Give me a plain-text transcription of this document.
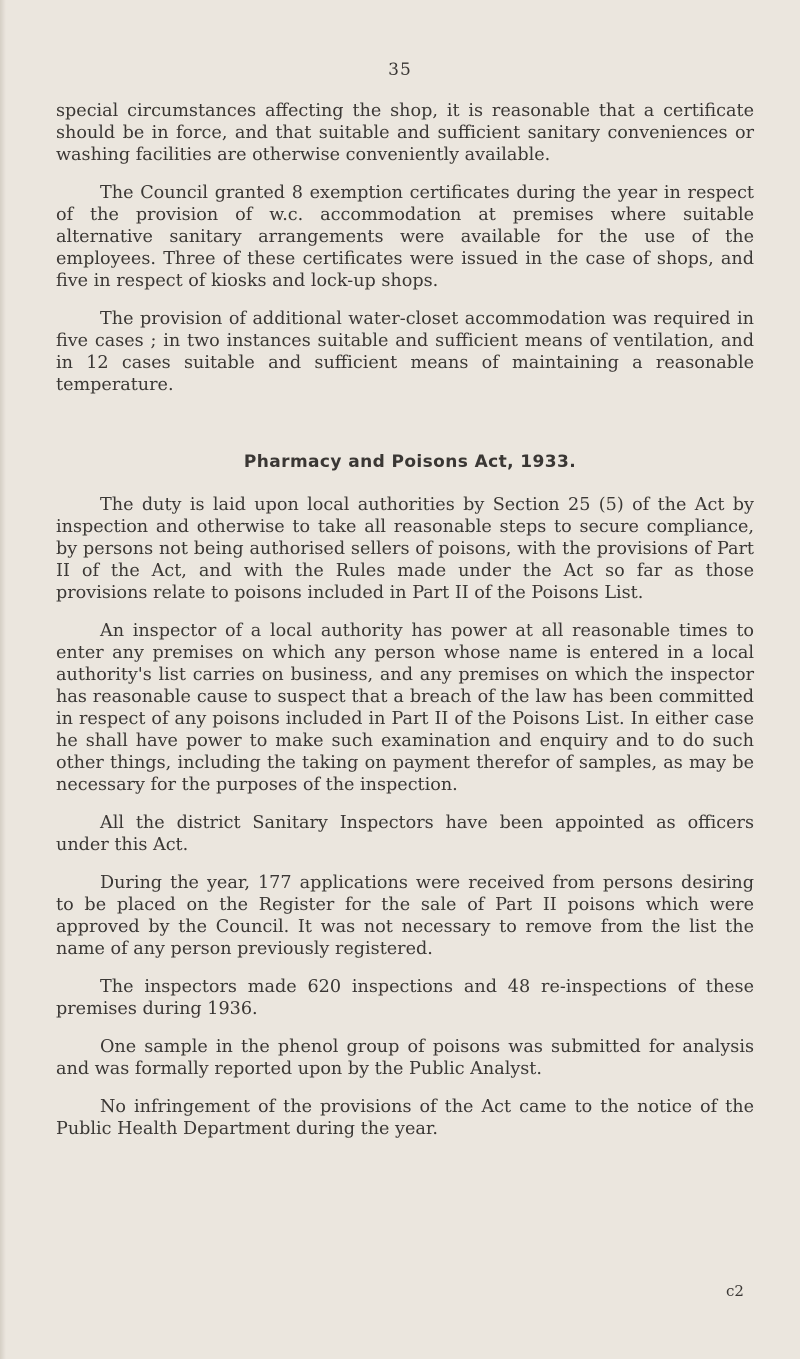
35

special circumstances affecting the shop, it is reasonable that a certificate should be in force, and that suitable and sufficient sanitary conveniences or washing facilities are otherwise conveniently available.

The Council granted 8 exemption certificates during the year in respect of the provision of w.c. accommodation at premises where suitable alternative sanitary arrangements were available for the use of the employees. Three of these certificates were issued in the case of shops, and five in respect of kiosks and lock-up shops.

The provision of additional water-closet accommodation was required in five cases ; in two instances suitable and sufficient means of ventilation, and in 12 cases suitable and sufficient means of maintaining a reasonable temperature.

Pharmacy and Poisons Act, 1933.

The duty is laid upon local authorities by Section 25 (5) of the Act by inspection and otherwise to take all reasonable steps to secure compliance, by persons not being authorised sellers of poisons, with the provisions of Part II of the Act, and with the Rules made under the Act so far as those provisions relate to poisons included in Part II of the Poisons List.

An inspector of a local authority has power at all reasonable times to enter any premises on which any person whose name is entered in a local authority's list carries on business, and any premises on which the inspector has reasonable cause to suspect that a breach of the law has been committed in respect of any poisons included in Part II of the Poisons List. In either case he shall have power to make such examination and enquiry and to do such other things, including the taking on payment therefor of samples, as may be necessary for the purposes of the inspection.

All the district Sanitary Inspectors have been appointed as officers under this Act.

During the year, 177 applications were received from persons desiring to be placed on the Register for the sale of Part II poisons which were approved by the Council. It was not necessary to remove from the list the name of any person previously registered.

The inspectors made 620 inspections and 48 re-inspections of these premises during 1936.

One sample in the phenol group of poisons was submitted for analysis and was formally reported upon by the Public Analyst.

No infringement of the provisions of the Act came to the notice of the Public Health Department during the year.

c2
